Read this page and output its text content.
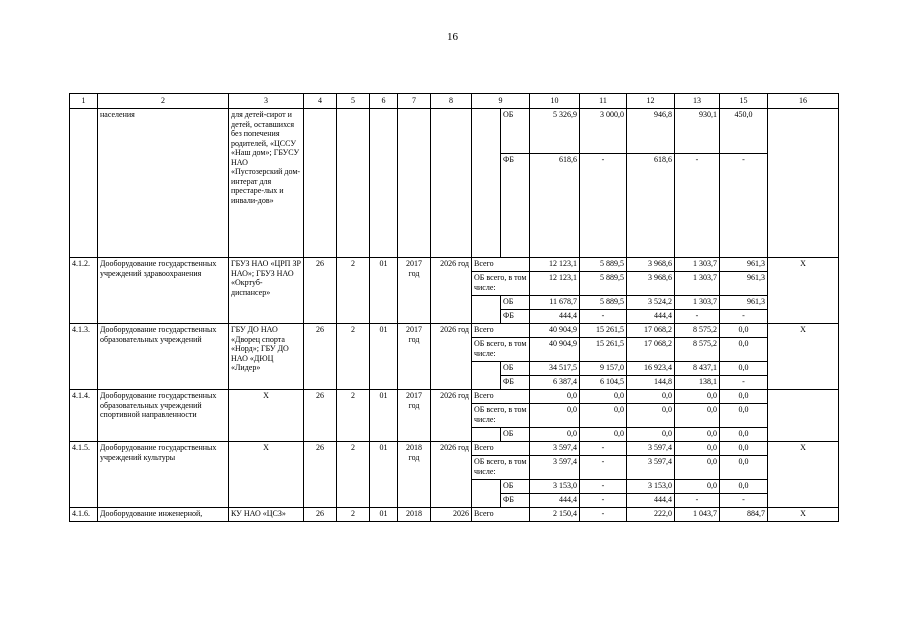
16
1	2	3	4	5	6	7	8	9		10	11	12	13	15	16
	населения	для детей-сирот и детей, оставшихся без попечения родителей, «ЦССУ «Наш дом»; ГБУСУ НАО «Пустозерский дом-интерат для престаре-лых и инвали-дов»							ОБ	5 326,9	3 000,0	946,8	930,1	450,0	
									ФБ	618,6	-	618,6	-	-	
4.1.2.	Дооборудование государственных учреждений здравоохранения	ГБУЗ НАО «ЦРП ЗР НАО»; ГБУЗ НАО «Окртуб-диспансер»	26	2	01	2017 год	2026 год	Всего		12 123,1	5 889,5	3 968,6	1 303,7	961,3	Х
								ОБ всего, в том числе:		12 123,1	5 889,5	3 968,6	1 303,7	961,3	
									ОБ	11 678,7	5 889,5	3 524,2	1 303,7	961,3	
									ФБ	444,4	-	444,4	-	-	
4.1.3.	Дооборудование государственных образовательных учреждений	ГБУ ДО НАО «Дворец спорта «Норд»; ГБУ ДО НАО «ДЮЦ «Лидер»	26	2	01	2017 год	2026 год	Всего		40 904,9	15 261,5	17 068,2	8 575,2	0,0	Х
								ОБ всего, в том числе:		40 904,9	15 261,5	17 068,2	8 575,2	0,0	
									ОБ	34 517,5	9 157,0	16 923,4	8 437,1	0,0	
									ФБ	6 387,4	6 104,5	144,8	138,1	-	
4.1.4.	Дооборудование государственных образовательных учреждений спортивной направленности	Х	26	2	01	2017 год	2026 год	Всего		0,0	0,0	0,0	0,0	0,0	
								ОБ всего, в том числе:		0,0	0,0	0,0	0,0	0,0	
									ОБ	0,0	0,0	0,0	0,0	0,0	
4.1.5.	Дооборудование государственных учреждений культуры	Х	26	2	01	2018 год	2026 год	Всего		3 597,4	-	3 597,4	0,0	0,0	Х
								ОБ всего, в том числе:		3 597,4	-	3 597,4	0,0	0,0	
									ОБ	3 153,0	-	3 153,0	0,0	0,0	
									ФБ	444,4	-	444,4	-	-	
4.1.6.	Дооборудование инженерной,	КУ НАО «ЦСЗ»	26	2	01	2018	2026	Всего		2 150,4	-	222,0	1 043,7	884,7	Х
